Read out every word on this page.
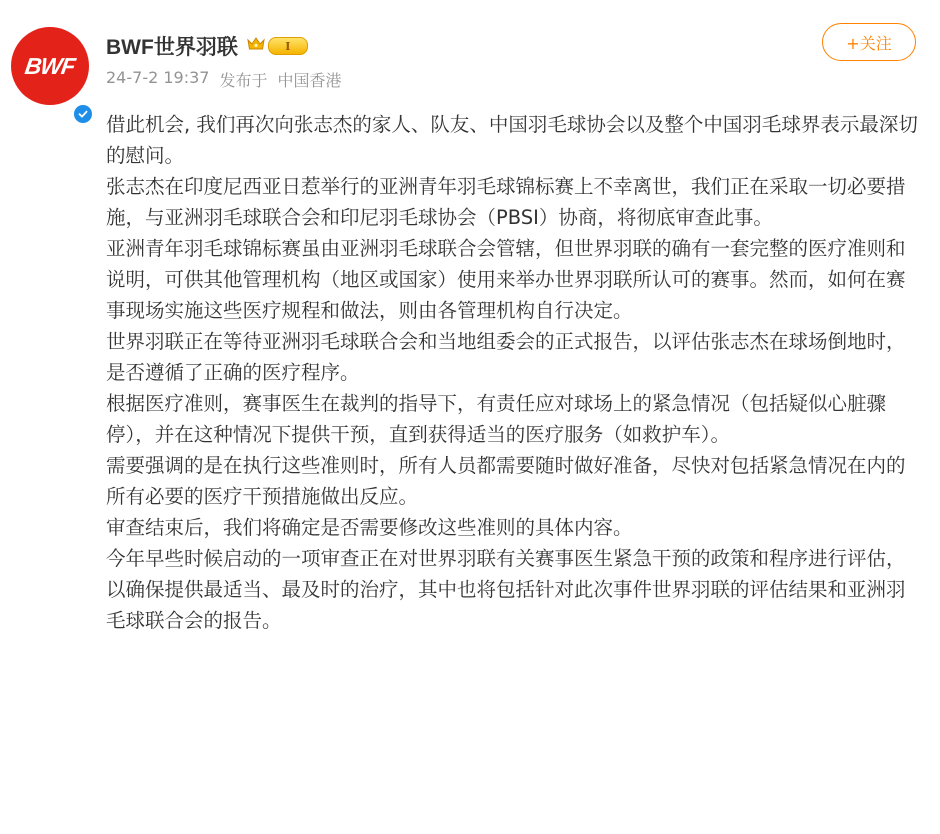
BWF
BWF世界羽联	I
24-7-2 19:37 发布于 中国香港
+关注

借此机会, 我们再次向张志杰的家人、队友、中国羽毛球协会以及整个中国羽毛球界表示最深切的慰问。

张志杰在印度尼西亚日惹举行的亚洲青年羽毛球锦标赛上不幸离世，我们正在采取一切必要措施，与亚洲羽毛球联合会和印尼羽毛球协会（PBSI）协商，将彻底审查此事。

亚洲青年羽毛球锦标赛虽由亚洲羽毛球联合会管辖，但世界羽联的确有一套完整的医疗准则和说明，可供其他管理机构（地区或国家）使用来举办世界羽联所认可的赛事。然而，如何在赛事现场实施这些医疗规程和做法，则由各管理机构自行决定。

世界羽联正在等待亚洲羽毛球联合会和当地组委会的正式报告，以评估张志杰在球场倒地时，是否遵循了正确的医疗程序。

根据医疗准则，赛事医生在裁判的指导下，有责任应对球场上的紧急情况（包括疑似心脏骤停），并在这种情况下提供干预，直到获得适当的医疗服务（如救护车）。

需要强调的是在执行这些准则时，所有人员都需要随时做好准备，尽快对包括紧急情况在内的所有必要的医疗干预措施做出反应。

审查结束后，我们将确定是否需要修改这些准则的具体内容。

今年早些时候启动的一项审查正在对世界羽联有关赛事医生紧急干预的政策和程序进行评估，以确保提供最适当、最及时的治疗，其中也将包括针对此次事件世界羽联的评估结果和亚洲羽毛球联合会的报告。
